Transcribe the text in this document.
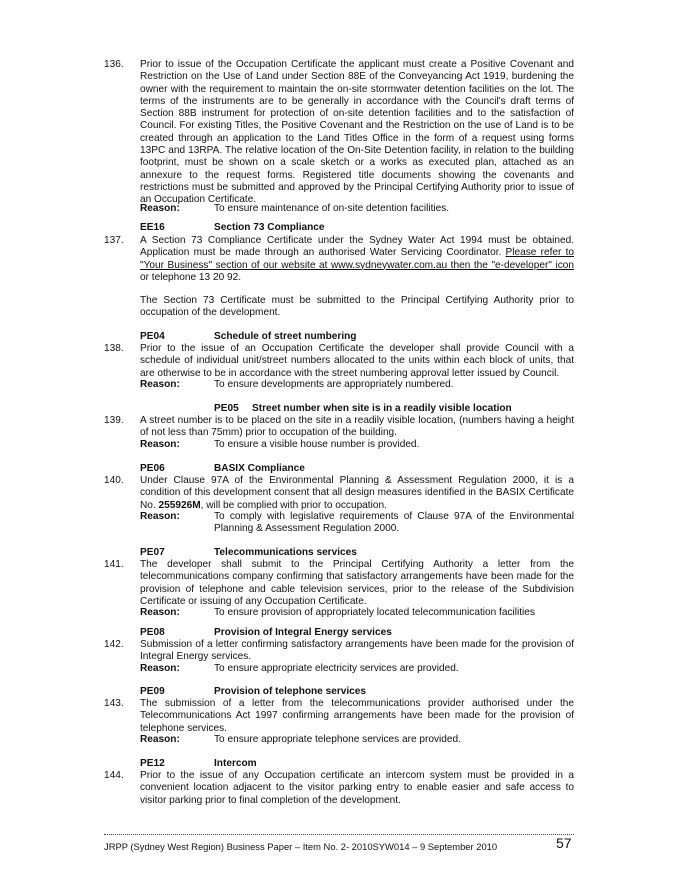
136. Prior to issue of the Occupation Certificate the applicant must create a Positive Covenant and Restriction on the Use of Land under Section 88E of the Conveyancing Act 1919, burdening the owner with the requirement to maintain the on-site stormwater detention facilities on the lot. The terms of the instruments are to be generally in accordance with the Council's draft terms of Section 88B instrument for protection of on-site detention facilities and to the satisfaction of Council. For existing Titles, the Positive Covenant and the Restriction on the use of Land is to be created through an application to the Land Titles Office in the form of a request using forms 13PC and 13RPA. The relative location of the On-Site Detention facility, in relation to the building footprint, must be shown on a scale sketch or a works as executed plan, attached as an annexure to the request forms. Registered title documents showing the covenants and restrictions must be submitted and approved by the Principal Certifying Authority prior to issue of an Occupation Certificate.
Reason:	To ensure maintenance of on-site detention facilities.
EE16	Section 73 Compliance
137. A Section 73 Compliance Certificate under the Sydney Water Act 1994 must be obtained. Application must be made through an authorised Water Servicing Coordinator. Please refer to "Your Business" section of our website at www.sydneywater.com.au then the "e-developer" icon or telephone 13 20 92.
The Section 73 Certificate must be submitted to the Principal Certifying Authority prior to occupation of the development.
PE04	Schedule of street numbering
138. Prior to the issue of an Occupation Certificate the developer shall provide Council with a schedule of individual unit/street numbers allocated to the units within each block of units, that are otherwise to be in accordance with the street numbering approval letter issued by Council.
Reason:	To ensure developments are appropriately numbered.
PE05 Street number when site is in a readily visible location
139. A street number is to be placed on the site in a readily visible location, (numbers having a height of not less than 75mm) prior to occupation of the building.
Reason:	To ensure a visible house number is provided.
PE06	BASIX Compliance
140. Under Clause 97A of the Environmental Planning & Assessment Regulation 2000, it is a condition of this development consent that all design measures identified in the BASIX Certificate No. 255926M, will be complied with prior to occupation.
Reason:	To comply with legislative requirements of Clause 97A of the Environmental Planning & Assessment Regulation 2000.
PE07	Telecommunications services
141. The developer shall submit to the Principal Certifying Authority a letter from the telecommunications company confirming that satisfactory arrangements have been made for the provision of telephone and cable television services, prior to the release of the Subdivision Certificate or issuing of any Occupation Certificate.
Reason:	To ensure provision of appropriately located telecommunication facilities
PE08	Provision of Integral Energy services
142. Submission of a letter confirming satisfactory arrangements have been made for the provision of Integral Energy services.
Reason:	To ensure appropriate electricity services are provided.
PE09	Provision of telephone services
143. The submission of a letter from the telecommunications provider authorised under the Telecommunications Act 1997 confirming arrangements have been made for the provision of telephone services.
Reason:	To ensure appropriate telephone services are provided.
PE12	Intercom
144. Prior to the issue of any Occupation certificate an intercom system must be provided in a convenient location adjacent to the visitor parking entry to enable easier and safe access to visitor parking prior to final completion of the development.
JRPP (Sydney West Region) Business Paper – Item No. 2- 2010SYW014 – 9 September 2010	57
